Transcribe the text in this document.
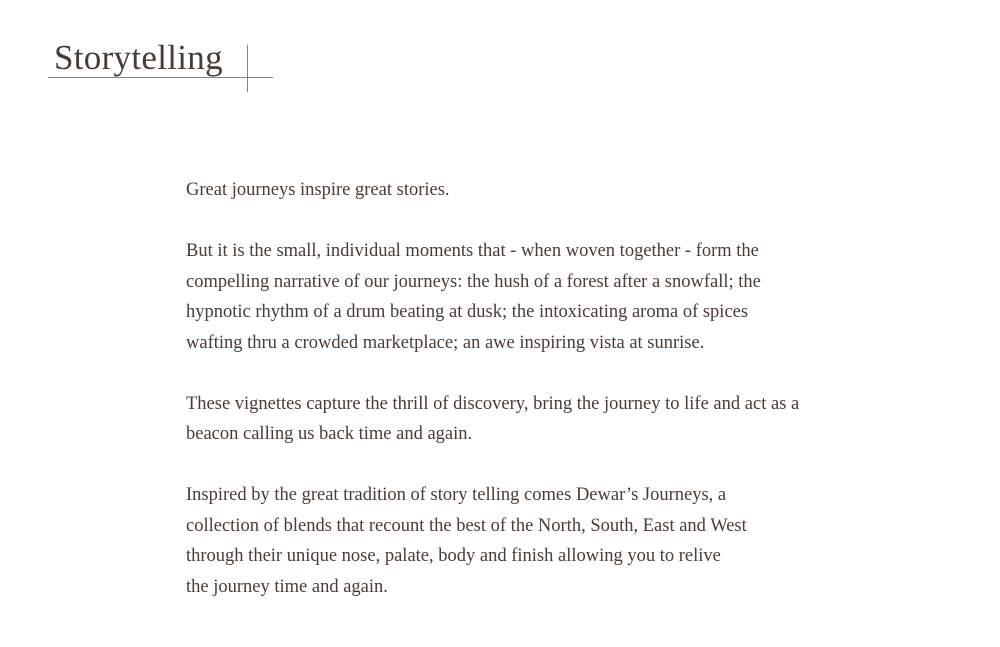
Storytelling

Great journeys inspire great stories.

But it is the small, individual moments that - when woven together - form the
compelling narrative of our journeys: the hush of a forest after a snowfall; the
hypnotic rhythm of a drum beating at dusk; the intoxicating aroma of spices
wafting thru a crowded marketplace; an awe inspiring vista at sunrise.

These vignettes capture the thrill of discovery, bring the journey to life and act as a
beacon calling us back time and again.

Inspired by the great tradition of story telling comes Dewar’s Journeys, a
collection of blends that recount the best of the North, South, East and West
through their unique nose, palate, body and finish allowing you to relive
the journey time and again.
